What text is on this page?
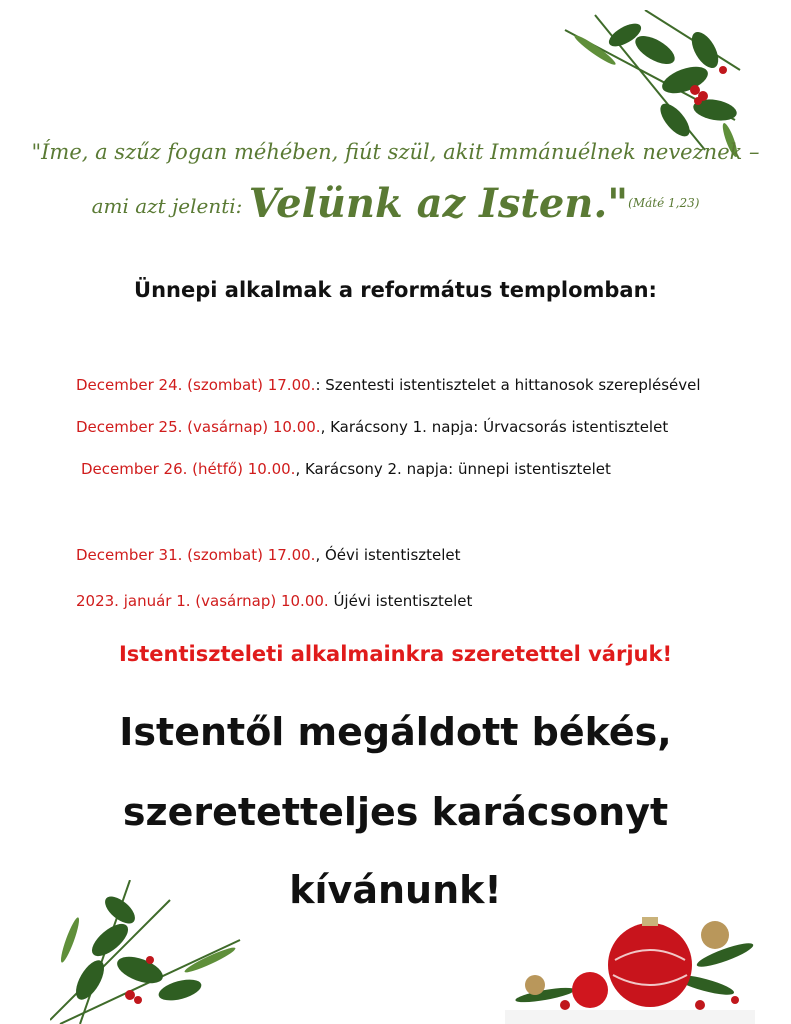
"Íme, a szűz fogan méhében, fiút szül, akit Immánuélnek neveznek –
ami azt jelenti: Velünk az Isten."$^{(Máté 1,23)}$
Ünnepi alkalmak a református templomban:
December 24. (szombat) 17.00.: Szentesti istentisztelet a hittanosok szereplésével
December 25. (vasárnap) 10.00., Karácsony 1. napja: Úrvacsorás istentisztelet
December 26. (hétfő) 10.00., Karácsony 2. napja: ünnepi istentisztelet
December 31. (szombat) 17.00., Óévi istentisztelet
2023. január 1. (vasárnap) 10.00. Újévi istentisztelet
Istentiszteleti alkalmainkra szeretettel várjuk!
Istentől megáldott békés,
szeretetteljes karácsonyt
kívánunk!
